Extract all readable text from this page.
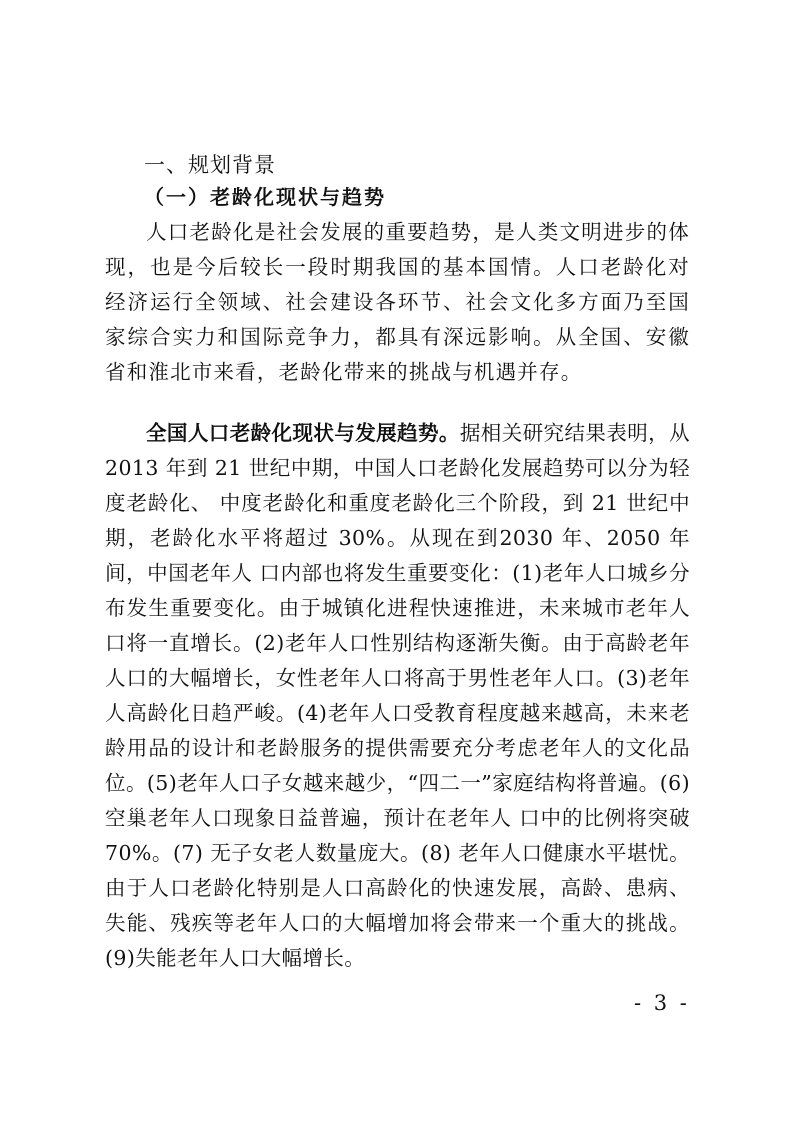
一、规划背景
（一）老龄化现状与趋势
人口老龄化是社会发展的重要趋势，是人类文明进步的体现，也是今后较长一段时期我国的基本国情。人口老龄化对经济运行全领域、社会建设各环节、社会文化多方面乃至国家综合实力和国际竞争力，都具有深远影响。从全国、安徽省和淮北市来看，老龄化带来的挑战与机遇并存。
全国人口老龄化现状与发展趋势。据相关研究结果表明，从2013 年到 21 世纪中期，中国人口老龄化发展趋势可以分为轻度老龄化、 中度老龄化和重度老龄化三个阶段，到 21 世纪中期，老龄化水平将超过 30%。从现在到2030 年、2050 年间，中国老年人 口内部也将发生重要变化：(1)老年人口城乡分布发生重要变化。由于城镇化进程快速推进，未来城市老年人口将一直增长。(2)老年人口性别结构逐渐失衡。由于高龄老年人口的大幅增长，女性老年人口将高于男性老年人口。(3)老年人高龄化日趋严峻。(4)老年人口受教育程度越来越高，未来老龄用品的设计和老龄服务的提供需要充分考虑老年人的文化品位。(5)老年人口子女越来越少，“四二一”家庭结构将普遍。(6) 空巢老年人口现象日益普遍，预计在老年人 口中的比例将突破 70%。(7) 无子女老人数量庞大。(8) 老年人口健康水平堪忧。由于人口老龄化特别是人口高龄化的快速发展，高龄、患病、失能、残疾等老年人口的大幅增加将会带来一个重大的挑战。(9)失能老年人口大幅增长。
- 3 -
